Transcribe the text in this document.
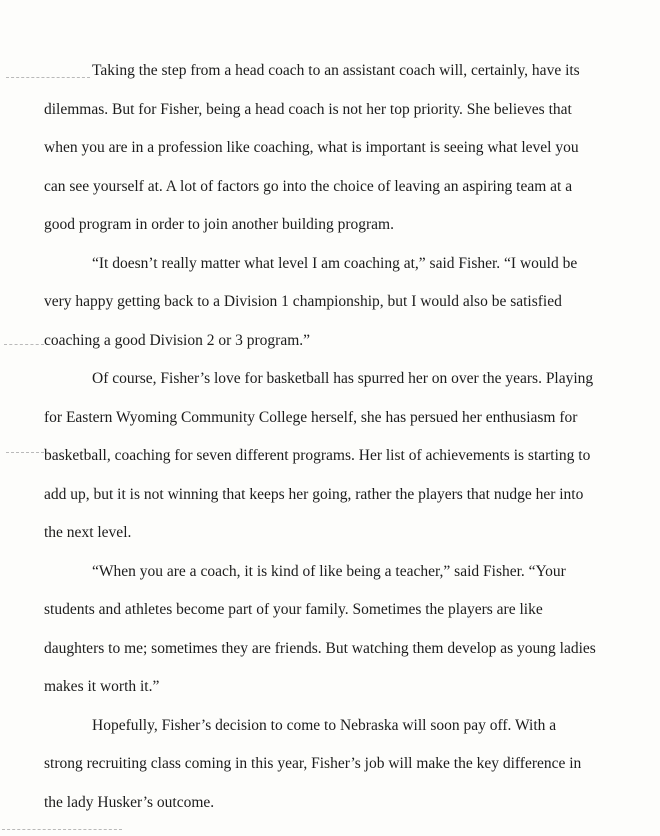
Taking the step from a head coach to an assistant coach will, certainly, have its

dilemmas. But for Fisher, being a head coach is not her top priority. She believes that

when you are in a profession like coaching, what is important is seeing what level you

can see yourself at. A lot of factors go into the choice of leaving an aspiring team at a

good program in order to join another building program.

“It doesn’t really matter what level I am coaching at,” said Fisher. “I would be

very happy getting back to a Division 1 championship, but I would also be satisfied

coaching a good Division 2 or 3 program.”

Of course, Fisher’s love for basketball has spurred her on over the years. Playing

for Eastern Wyoming Community College herself, she has persued her enthusiasm for

basketball, coaching for seven different programs. Her list of achievements is starting to

add up, but it is not winning that keeps her going, rather the players that nudge her into

the next level.

“When you are a coach, it is kind of like being a teacher,” said Fisher. “Your

students and athletes become part of your family. Sometimes the players are like

daughters to me; sometimes they are friends. But watching them develop as young ladies

makes it worth it.”

Hopefully, Fisher’s decision to come to Nebraska will soon pay off. With a

strong recruiting class coming in this year, Fisher’s job will make the key difference in

the lady Husker’s outcome.
